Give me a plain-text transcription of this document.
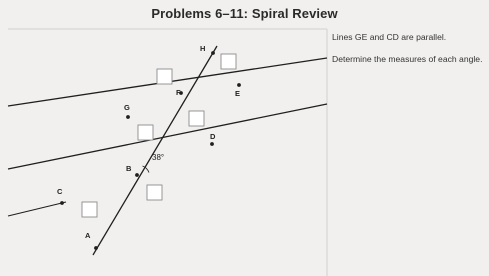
Problems 6–11: Spiral Review

Lines GE and CD are parallel.

Determine the measures of each angle.

H
F	E
G
D
B
C
A
38°
